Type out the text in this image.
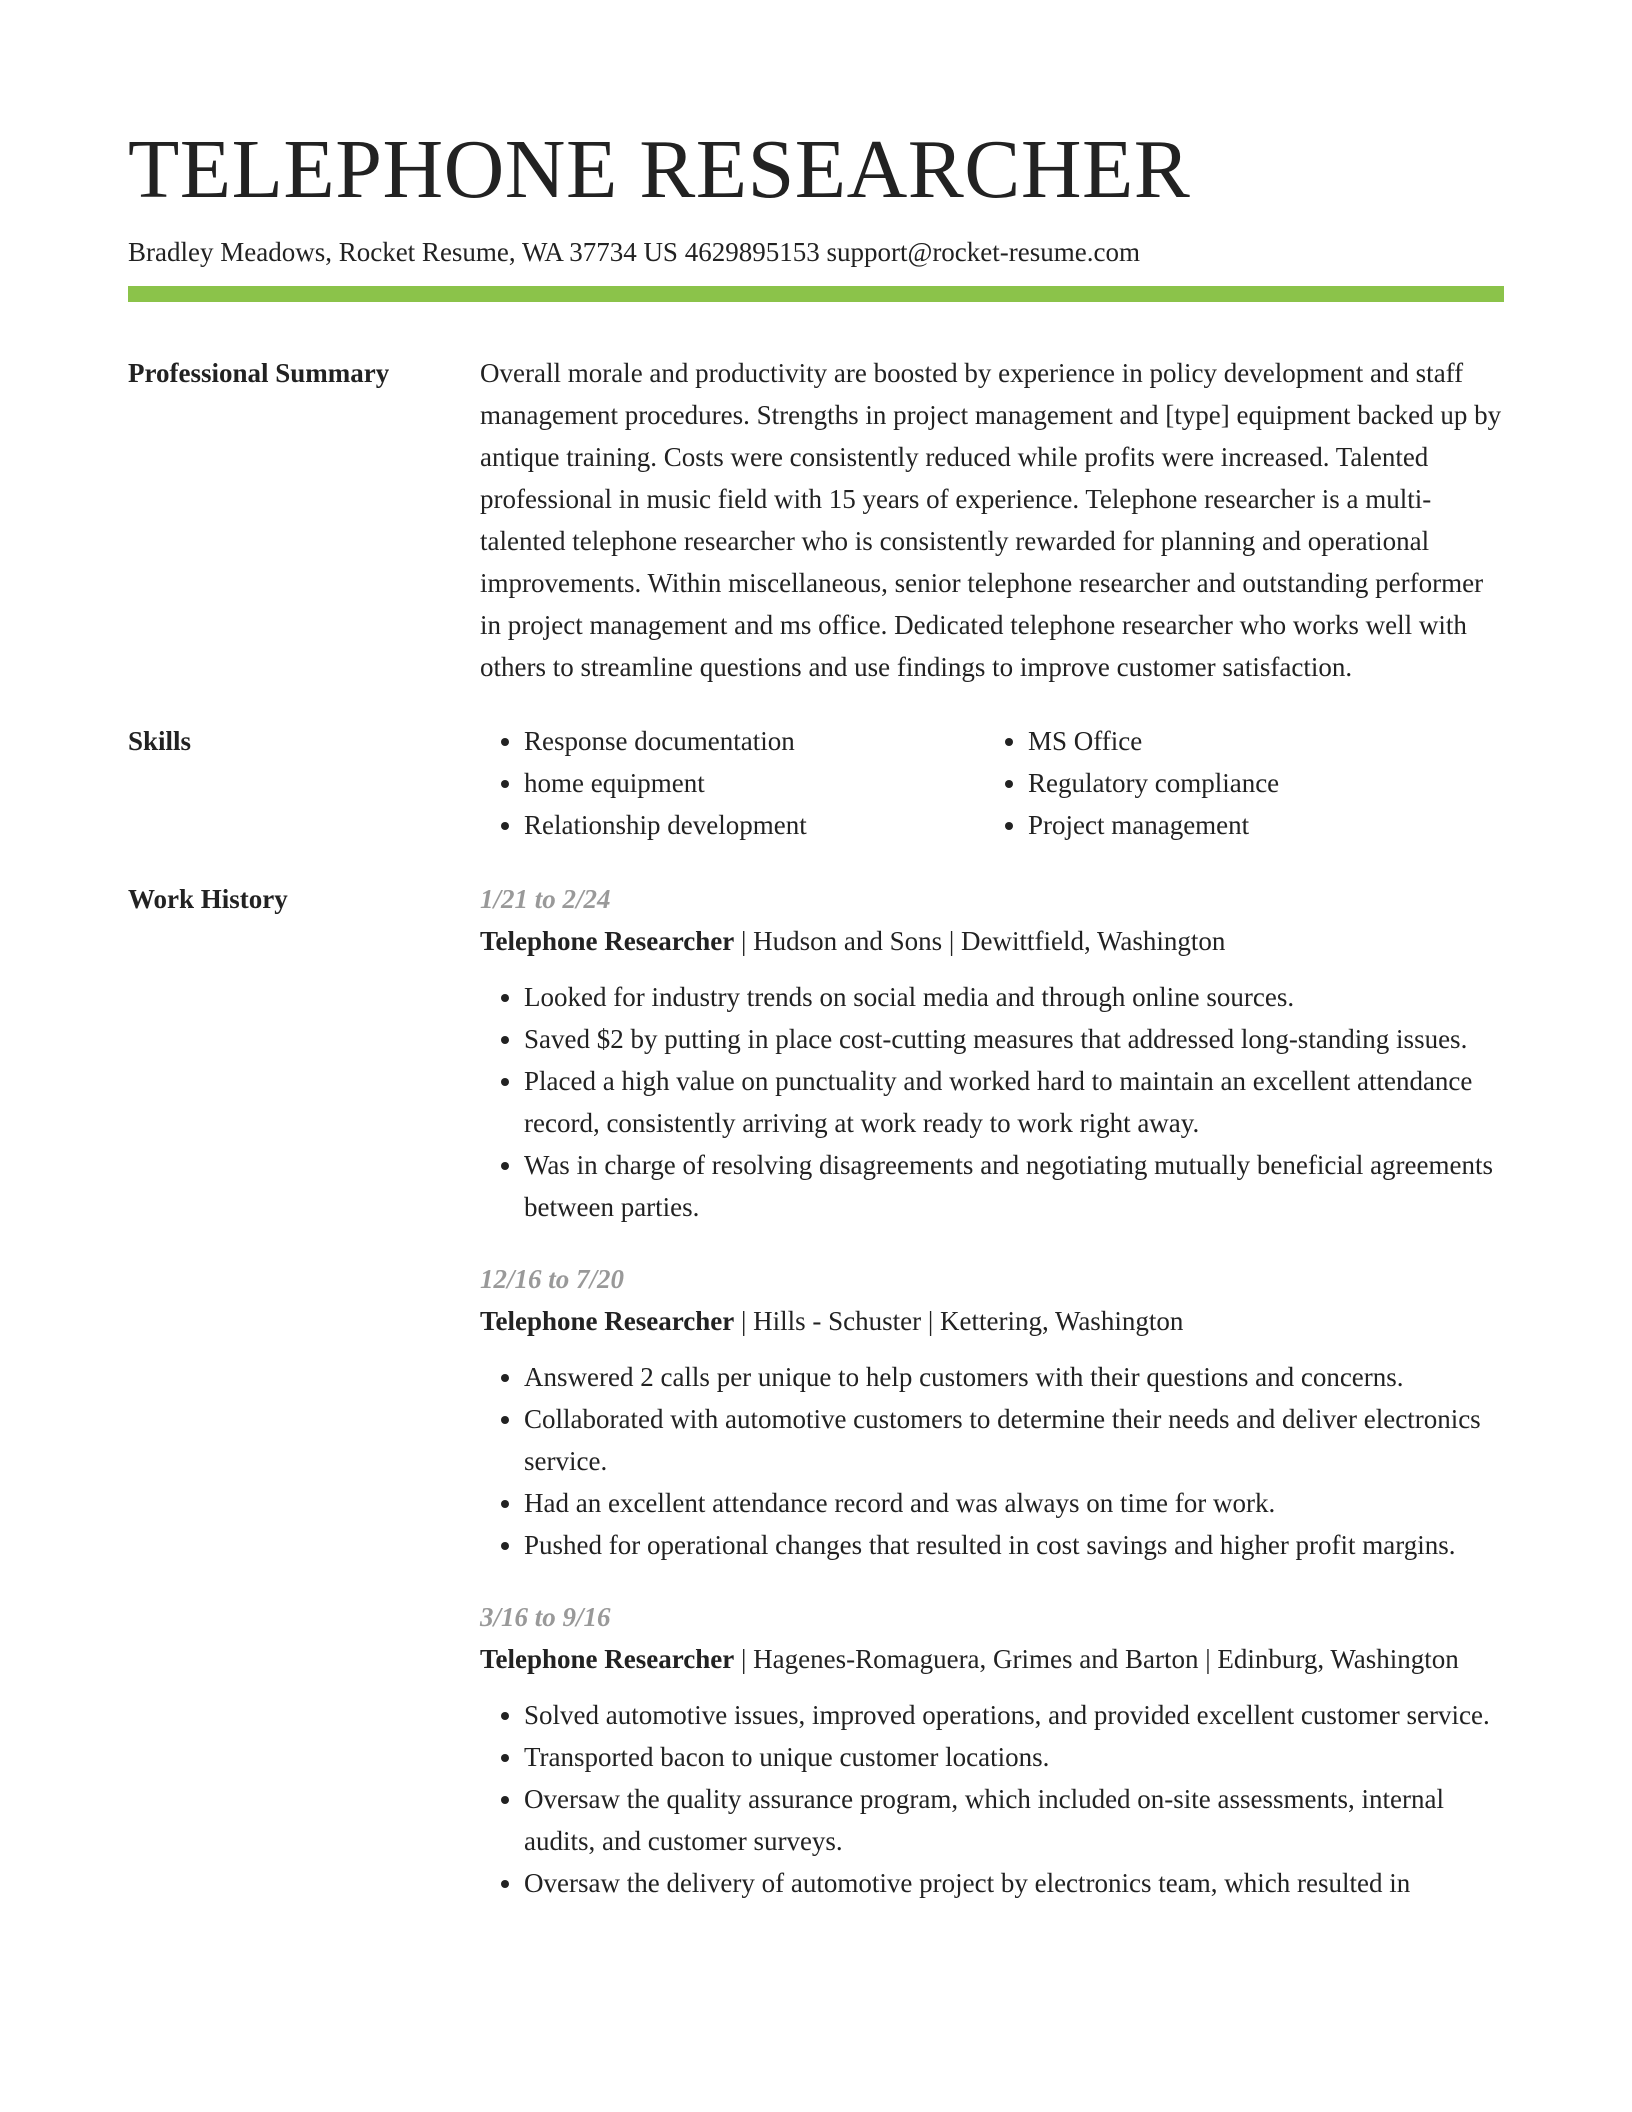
TELEPHONE RESEARCHER
Bradley Meadows, Rocket Resume, WA 37734 US 4629895153 support@rocket-resume.com
Professional Summary	Overall morale and productivity are boosted by experience in policy development and staff management procedures. Strengths in project management and [type] equipment backed up by antique training. Costs were consistently reduced while profits were increased. Talented professional in music field with 15 years of experience. Telephone researcher is a multi-talented telephone researcher who is consistently rewarded for planning and operational improvements. Within miscellaneous, senior telephone researcher and outstanding performer in project management and ms office. Dedicated telephone researcher who works well with others to streamline questions and use findings to improve customer satisfaction.

Skills
•	Response documentation
• home equipment
• Relationship development
• MS Office
• Regulatory compliance
• Project management
Work History	1/21 to 2/24
Telephone Researcher | Hudson and Sons | Dewittfield, Washington
• Looked for industry trends on social media and through online sources.
• Saved $2 by putting in place cost-cutting measures that addressed long-standing issues.
• Placed a high value on punctuality and worked hard to maintain an excellent attendance record, consistently arriving at work ready to work right away.
• Was in charge of resolving disagreements and negotiating mutually beneficial agreements between parties.
12/16 to 7/20
Telephone Researcher | Hills - Schuster | Kettering, Washington
• Answered 2 calls per unique to help customers with their questions and concerns.
• Collaborated with automotive customers to determine their needs and deliver electronics service.
• Had an excellent attendance record and was always on time for work.
• Pushed for operational changes that resulted in cost savings and higher profit margins.
3/16 to 9/16
Telephone Researcher | Hagenes-Romaguera, Grimes and Barton | Edinburg, Washington
• Solved automotive issues, improved operations, and provided excellent customer service.
• Transported bacon to unique customer locations.
• Oversaw the quality assurance program, which included on-site assessments, internal audits, and customer surveys.
• Oversaw the delivery of automotive project by electronics team, which resulted in
